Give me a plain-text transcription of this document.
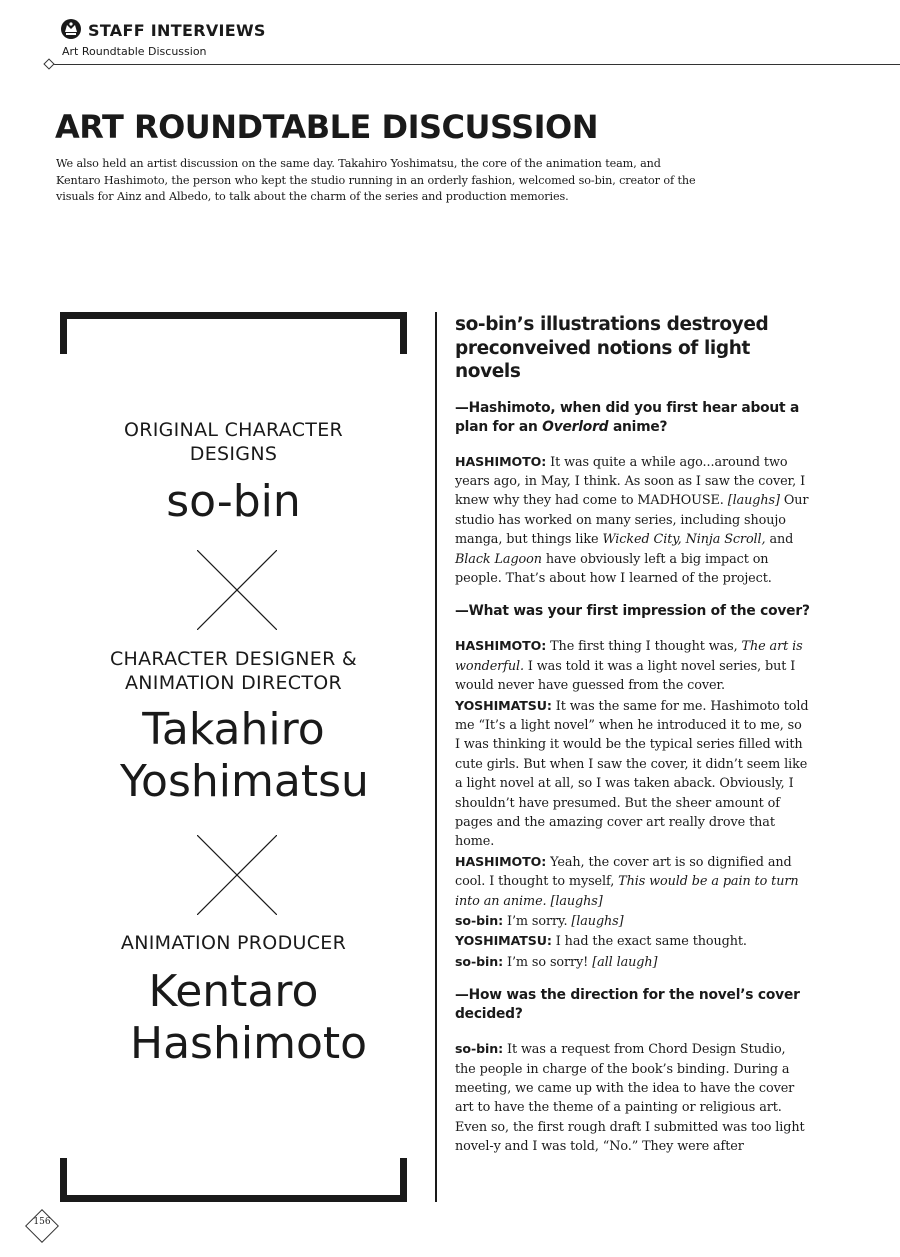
STAFF INTERVIEWS
Art Roundtable Discussion
ART ROUNDTABLE DISCUSSION
We also held an artist discussion on the same day. Takahiro Yoshimatsu, the core of the animation team, and Kentaro Hashimoto, the person who kept the studio running in an orderly fashion, welcomed so-bin, creator of the visuals for Ainz and Albedo, to talk about the charm of the series and production memories.
ORIGINAL CHARACTER DESIGNS
so-bin
CHARACTER DESIGNER & ANIMATION DIRECTOR
Takahiro Yoshimatsu
ANIMATION PRODUCER
Kentaro Hashimoto
so-bin’s illustrations destroyed preconveived notions of light novels
—Hashimoto, when did you first hear about a plan for an Overlord anime?

HASHIMOTO: It was quite a while ago...around two years ago, in May, I think. As soon as I saw the cover, I knew why they had come to MADHOUSE. [laughs] Our studio has worked on many series, including shoujo manga, but things like Wicked City, Ninja Scroll, and Black Lagoon have obviously left a big impact on people. That’s about how I learned of the project.

—What was your first impression of the cover?

HASHIMOTO: The first thing I thought was, The art is wonderful. I was told it was a light novel series, but I would never have guessed from the cover.

YOSHIMATSU: It was the same for me. Hashimoto told me “It’s a light novel” when he introduced it to me, so I was thinking it would be the typical series filled with cute girls. But when I saw the cover, it didn’t seem like a light novel at all, so I was taken aback. Obviously, I shouldn’t have presumed. But the sheer amount of pages and the amazing cover art really drove that home.

HASHIMOTO: Yeah, the cover art is so dignified and cool. I thought to myself, This would be a pain to turn into an anime. [laughs]

so-bin: I’m sorry. [laughs]

YOSHIMATSU: I had the exact same thought.

so-bin: I’m so sorry! [all laugh]

—How was the direction for the novel’s cover decided?

so-bin: It was a request from Chord Design Studio, the people in charge of the book’s binding. During a meeting, we came up with the idea to have the cover art to have the theme of a painting or religious art. Even so, the first rough draft I submitted was too light novel-y and I was told, “No.” They were after

156
